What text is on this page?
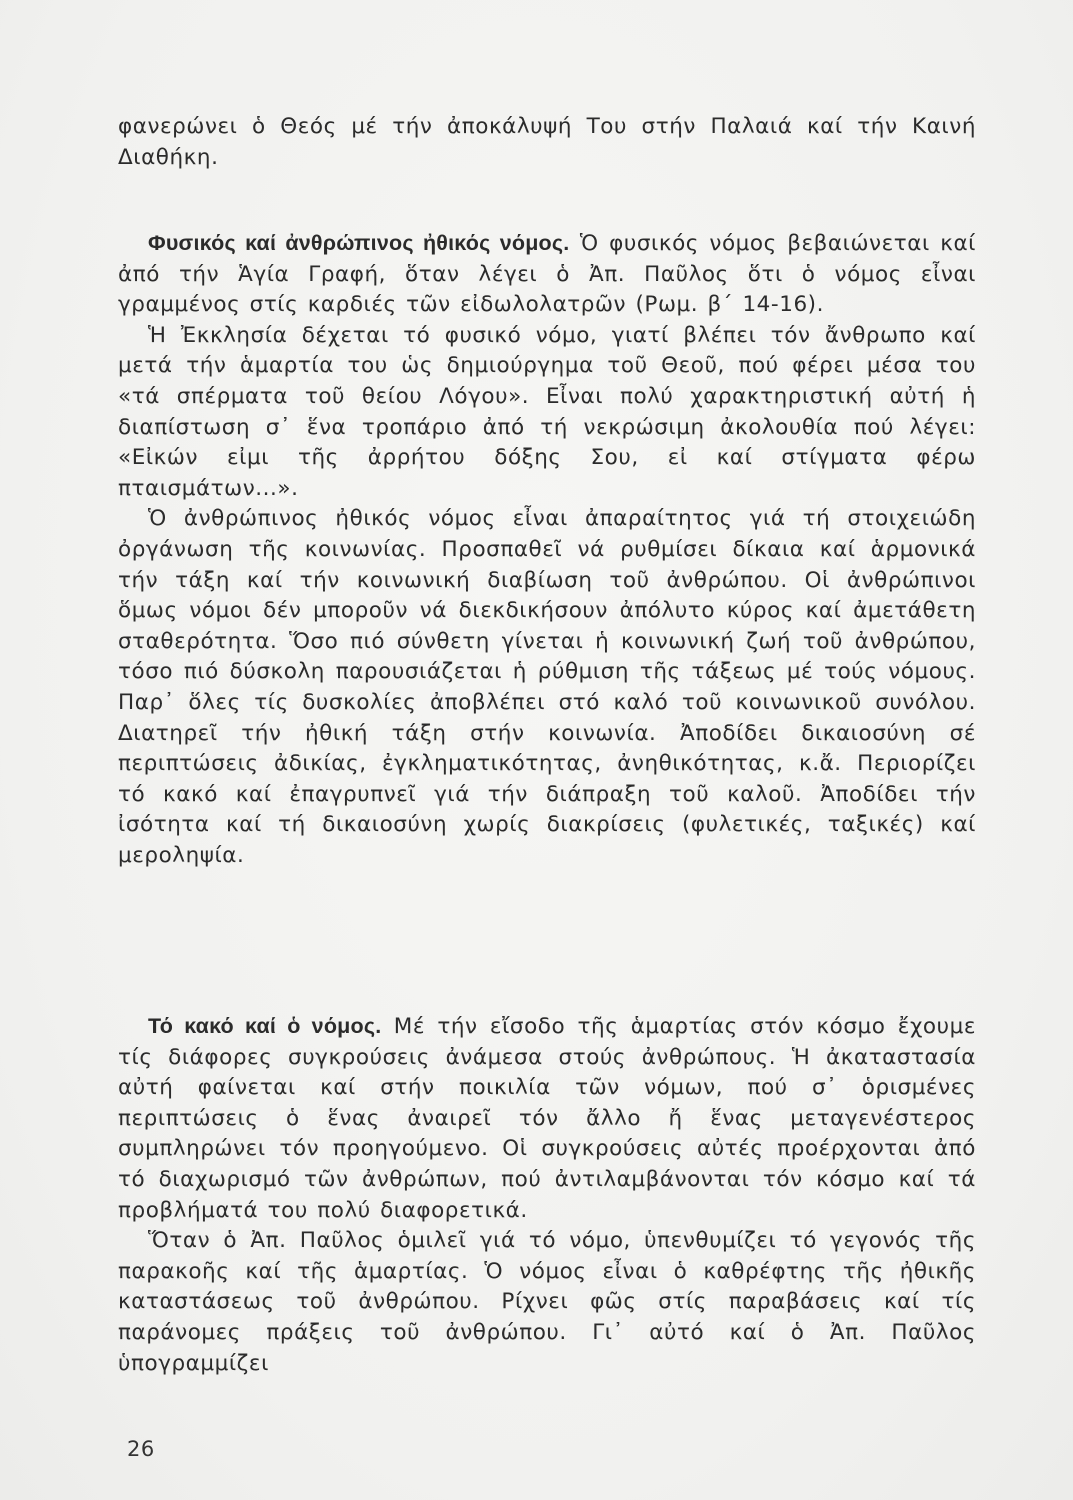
φανερώνει ὁ Θεός μέ τήν ἀποκάλυψή Του στήν Παλαιά καί τήν Καινή Διαθήκη.

Φυσικός καί ἀνθρώπινος ἠθικός νόμος. Ὁ φυσικός νόμος βεβαιώνεται καί ἀπό τήν Ἁγία Γραφή, ὅταν λέγει ὁ Ἀπ. Παῦλος ὅτι ὁ νόμος εἶναι γραμμένος στίς καρδιές τῶν εἰδωλολατρῶν (Ρωμ. β´ 14-16).

Ἡ Ἐκκλησία δέχεται τό φυσικό νόμο, γιατί βλέπει τόν ἄνθρωπο καί μετά τήν ἁμαρτία του ὡς δημιούργημα τοῦ Θεοῦ, πού φέρει μέσα του «τά σπέρματα τοῦ θείου Λόγου». Εἶναι πολύ χαρακτηριστική αὐτή ἡ διαπίστωση σ᾽ ἕνα τροπάριο ἀπό τή νεκρώσιμη ἀκολουθία πού λέγει: «Εἰκών εἰμι τῆς ἀρρήτου δόξης Σου, εἰ καί στίγματα φέρω πταισμάτων...».

Ὁ ἀνθρώπινος ἠθικός νόμος εἶναι ἀπαραίτητος γιά τή στοιχειώδη ὀργάνωση τῆς κοινωνίας. Προσπαθεῖ νά ρυθμίσει δίκαια καί ἁρμονικά τήν τάξη καί τήν κοινωνική διαβίωση τοῦ ἀνθρώπου. Οἱ ἀνθρώπινοι ὅμως νόμοι δέν μποροῦν νά διεκδικήσουν ἀπόλυτο κύρος καί ἀμετάθετη σταθερότητα. Ὅσο πιό σύνθετη γίνεται ἡ κοινωνική ζωή τοῦ ἀνθρώπου, τόσο πιό δύσκολη παρουσιάζεται ἡ ρύθμιση τῆς τάξεως μέ τούς νόμους. Παρ᾽ ὅλες τίς δυσκολίες ἀποβλέπει στό καλό τοῦ κοινωνικοῦ συνόλου. Διατηρεῖ τήν ἠθική τάξη στήν κοινωνία. Ἀποδίδει δικαιοσύνη σέ περιπτώσεις ἀδικίας, ἐγκληματικότητας, ἀνηθικότητας, κ.ἄ. Περιορίζει τό κακό καί ἐπαγρυπνεῖ γιά τήν διάπραξη τοῦ καλοῦ. Ἀποδίδει τήν ἰσότητα καί τή δικαιοσύνη χωρίς διακρίσεις (φυλετικές, ταξικές) καί μεροληψία.

Τό κακό καί ὁ νόμος. Μέ τήν εἴσοδο τῆς ἁμαρτίας στόν κόσμο ἔχουμε τίς διάφορες συγκρούσεις ἀνάμεσα στούς ἀνθρώπους. Ἡ ἀκαταστασία αὐτή φαίνεται καί στήν ποικιλία τῶν νόμων, πού σ᾽ ὁρισμένες περιπτώσεις ὁ ἕνας ἀναιρεῖ τόν ἄλλο ἤ ἕνας μεταγενέστερος συμπληρώνει τόν προηγούμενο. Οἱ συγκρούσεις αὐτές προέρχονται ἀπό τό διαχωρισμό τῶν ἀνθρώπων, πού ἀντιλαμβάνονται τόν κόσμο καί τά προβλήματά του πολύ διαφορετικά.

Ὅταν ὁ Ἀπ. Παῦλος ὁμιλεῖ γιά τό νόμο, ὑπενθυμίζει τό γεγονός τῆς παρακοῆς καί τῆς ἁμαρτίας. Ὁ νόμος εἶναι ὁ καθρέφτης τῆς ἠθικῆς καταστάσεως τοῦ ἀνθρώπου. Ρίχνει φῶς στίς παραβάσεις καί τίς παράνομες πράξεις τοῦ ἀνθρώπου. Γι᾽ αὐτό καί ὁ Ἀπ. Παῦλος ὑπογραμμίζει

26
